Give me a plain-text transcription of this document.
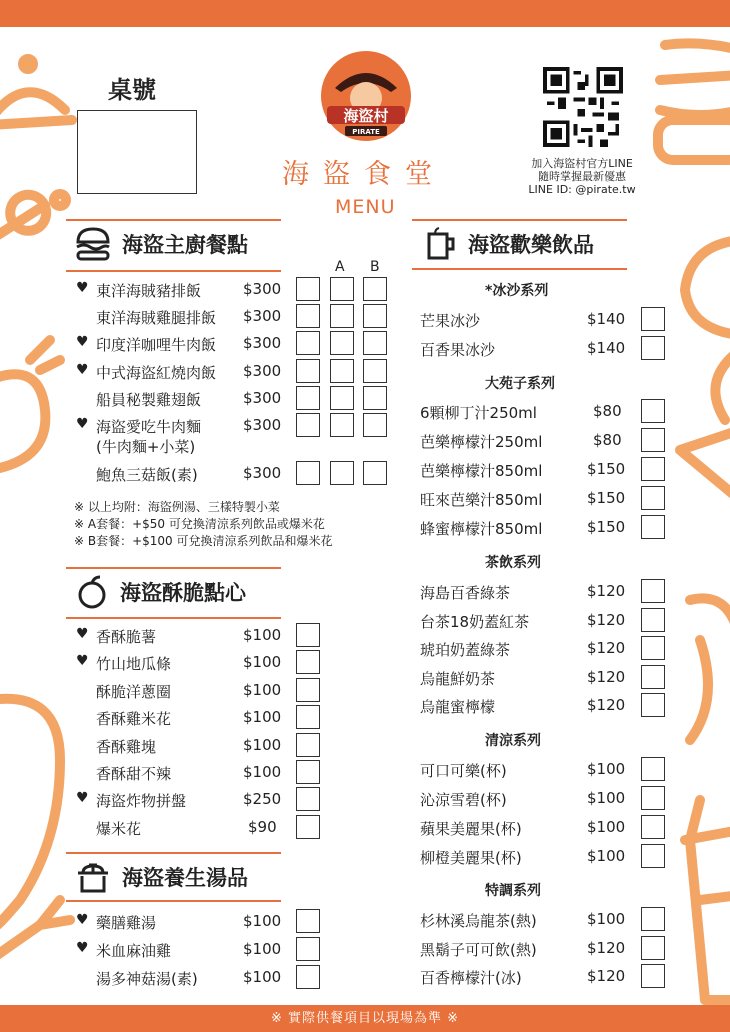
桌號
海盜村
PIRATE
海盜食堂
MENU
加入海盜村官方LINE
隨時掌握最新優惠
LINE ID: @pirate.tw
海盜主廚餐點
A B
♥ 東洋海賊豬排飯	$300
東洋海賊雞腿排飯 $300
♥ 印度洋咖哩牛肉飯 $300
♥ 中式海盜紅燒肉飯 $300
船員秘製雞翅飯	$300
♥ 海盜愛吃牛肉麵
(牛肉麵+小菜)
$300
鮑魚三菇飯(素)	$300
※ 以上均附：海盜例湯、三樣特製小菜
※ A套餐：+$50 可兌換清涼系列飲品或爆米花
※ B套餐：+$100 可兌換清涼系列飲品和爆米花
海盜酥脆點心
♥ 香酥脆薯	$100
♥ 竹山地瓜條	$100
酥脆洋蔥圈	$100
香酥雞米花	$100
香酥雞塊	$100
香酥甜不辣	$100
♥ 海盜炸物拼盤	$250
爆米花	$90
海盜養生湯品
♥ 藥膳雞湯	$100
♥ 米血麻油雞	$100
湯多神菇湯(素)	$100
海盜歡樂飲品
*冰沙系列
芒果冰沙	$140
百香果冰沙	$140
大苑子系列
6顆柳丁汁250ml	$80
芭樂檸檬汁250ml	$80
芭樂檸檬汁850ml	$150
旺來芭樂汁850ml	$150
蜂蜜檸檬汁850ml	$150
茶飲系列
海島百香綠茶	$120
台茶18奶蓋紅茶	$120
琥珀奶蓋綠茶	$120
烏龍鮮奶茶	$120
烏龍蜜檸檬	$120
清涼系列
可口可樂(杯)	$100
沁涼雪碧(杯)	$100
蘋果美麗果(杯)	$100
柳橙美麗果(杯)	$100
特調系列
杉林溪烏龍茶(熱)	$100
黑鬍子可可飲(熱)	$120
百香檸檬汁(冰)	$120
※ 實際供餐項目以現場為準 ※
